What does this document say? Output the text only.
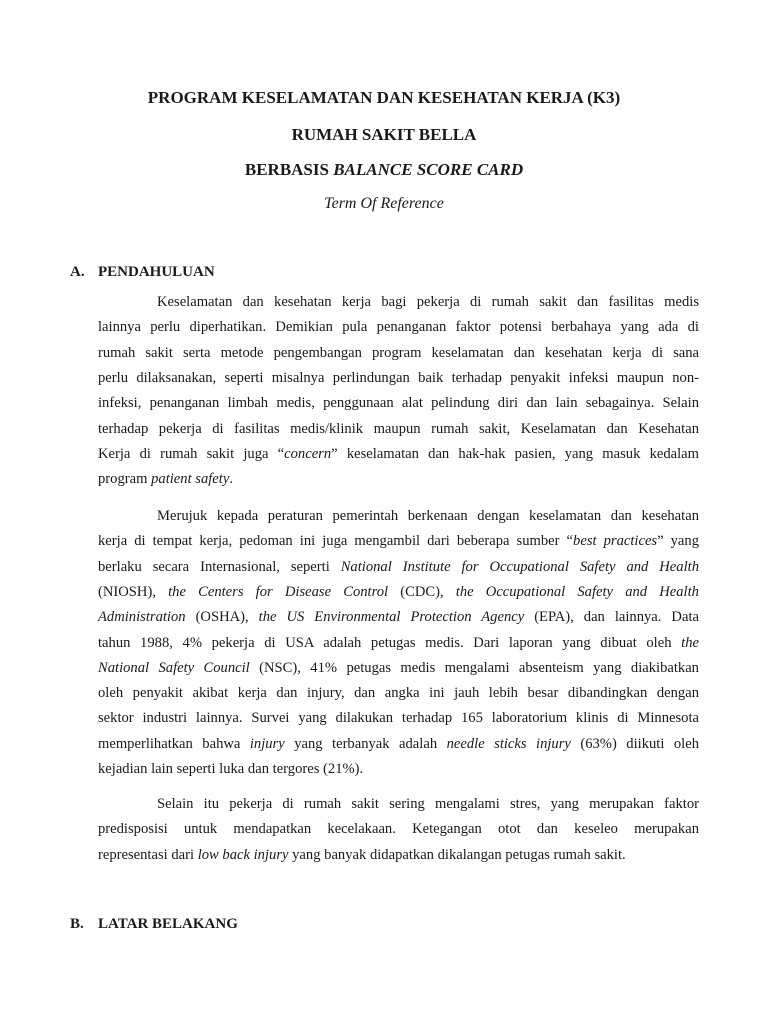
PROGRAM KESELAMATAN DAN KESEHATAN KERJA (K3)
RUMAH SAKIT BELLA
BERBASIS BALANCE SCORE CARD
Term Of Reference
A. PENDAHULUAN
B. LATAR BELAKANG
Keselamatan dan kesehatan kerja bagi pekerja di rumah sakit dan fasilitas medis
lainnya perlu diperhatikan. Demikian pula penanganan faktor potensi berbahaya yang ada di
rumah sakit serta metode pengembangan program keselamatan dan kesehatan kerja di sana
perlu dilaksanakan, seperti misalnya perlindungan baik terhadap penyakit infeksi maupun non-
infeksi, penanganan limbah medis, penggunaan alat pelindung diri dan lain sebagainya. Selain
terhadap pekerja di fasilitas medis/klinik maupun rumah sakit, Keselamatan dan Kesehatan
Kerja di rumah sakit juga “concern” keselamatan dan hak-hak pasien, yang masuk kedalam
program patient safety.
Merujuk kepada peraturan pemerintah berkenaan dengan keselamatan dan kesehatan
kerja di tempat kerja, pedoman ini juga mengambil dari beberapa sumber “best practices” yang
berlaku secara Internasional, seperti National Institute for Occupational Safety and Health
(NIOSH), the Centers for Disease Control (CDC), the Occupational Safety and Health
Administration (OSHA), the US Environmental Protection Agency (EPA), dan lainnya. Data
tahun 1988, 4% pekerja di USA adalah petugas medis. Dari laporan yang dibuat oleh the
National Safety Council (NSC), 41% petugas medis mengalami absenteism yang diakibatkan
oleh penyakit akibat kerja dan injury, dan angka ini jauh lebih besar dibandingkan dengan
sektor industri lainnya. Survei yang dilakukan terhadap 165 laboratorium klinis di Minnesota
memperlihatkan bahwa injury yang terbanyak adalah needle sticks injury (63%) diikuti oleh
kejadian lain seperti luka dan tergores (21%).
Selain itu pekerja di rumah sakit sering mengalami stres, yang merupakan faktor
predisposisi untuk mendapatkan kecelakaan. Ketegangan otot dan keseleo merupakan
representasi dari low back injury yang banyak didapatkan dikalangan petugas rumah sakit.
